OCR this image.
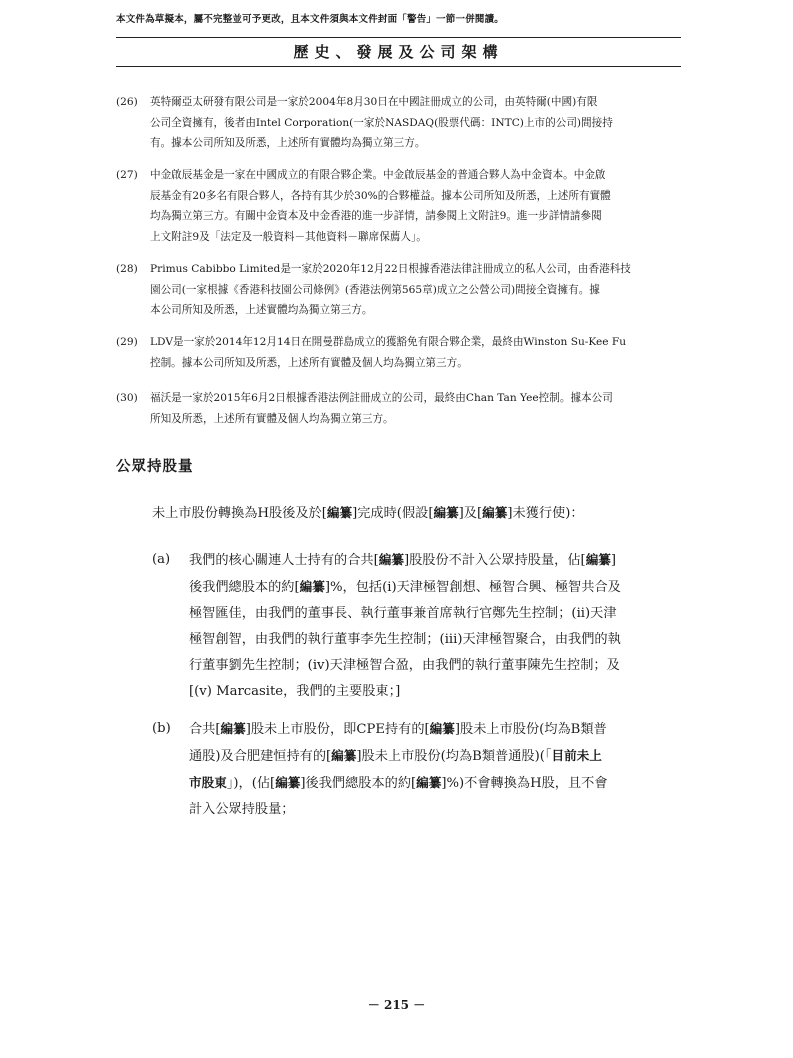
本文件為草擬本，屬不完整並可予更改，且本文件須與本文件封面「警告」一節一併閱讀。
歷史、發展及公司架構
(26)	英特爾亞太研發有限公司是一家於2004年8月30日在中國註冊成立的公司，由英特爾(中國)有限
公司全資擁有，後者由Intel Corporation(一家於NASDAQ(股票代碼：INTC)上市的公司)間接持
有。據本公司所知及所悉，上述所有實體均為獨立第三方。
(27)	中金啟辰基金是一家在中國成立的有限合夥企業。中金啟辰基金的普通合夥人為中金資本。中金啟
辰基金有20多名有限合夥人，各持有其少於30%的合夥權益。據本公司所知及所悉，上述所有實體
均為獨立第三方。有關中金資本及中金香港的進一步詳情，請參閱上文附註9。進一步詳情請參閱
上文附註9及「法定及一般資料－其他資料－聯席保薦人」。
(28)	Primus Cabibbo Limited是一家於2020年12月22日根據香港法律註冊成立的私人公司，由香港科技
園公司(一家根據《香港科技園公司條例》(香港法例第565章)成立之公營公司)間接全資擁有。據
本公司所知及所悉，上述實體均為獨立第三方。
(29)	LDV是一家於2014年12月14日在開曼群島成立的獲豁免有限合夥企業，最終由Winston Su-Kee Fu
控制。據本公司所知及所悉，上述所有實體及個人均為獨立第三方。
(30)	福沃是一家於2015年6月2日根據香港法例註冊成立的公司，最終由Chan Tan Yee控制。據本公司
所知及所悉，上述所有實體及個人均為獨立第三方。
公眾持股量
未上市股份轉換為H股後及於[編纂]完成時(假設[編纂]及[編纂]未獲行使)：
(a)	我們的核心關連人士持有的合共[編纂]股股份不計入公眾持股量，佔[編纂]
後我們總股本的約[編纂]%，包括(i)天津極智創想、極智合興、極智共合及
極智匯佳，由我們的董事長、執行董事兼首席執行官鄭先生控制；(ii)天津
極智創智，由我們的執行董事李先生控制；(iii)天津極智聚合，由我們的執
行董事劉先生控制；(iv)天津極智合盈，由我們的執行董事陳先生控制；及
[(v) Marcasite，我們的主要股東；]
(b)	合共[編纂]股未上市股份，即CPE持有的[編纂]股未上市股份(均為B類普
通股)及合肥建恒持有的[編纂]股未上市股份(均為B類普通股)(「目前未上
市股東」)，(佔[編纂]後我們總股本的約[編纂]%)不會轉換為H股，且不會
計入公眾持股量；
－ 215 －
